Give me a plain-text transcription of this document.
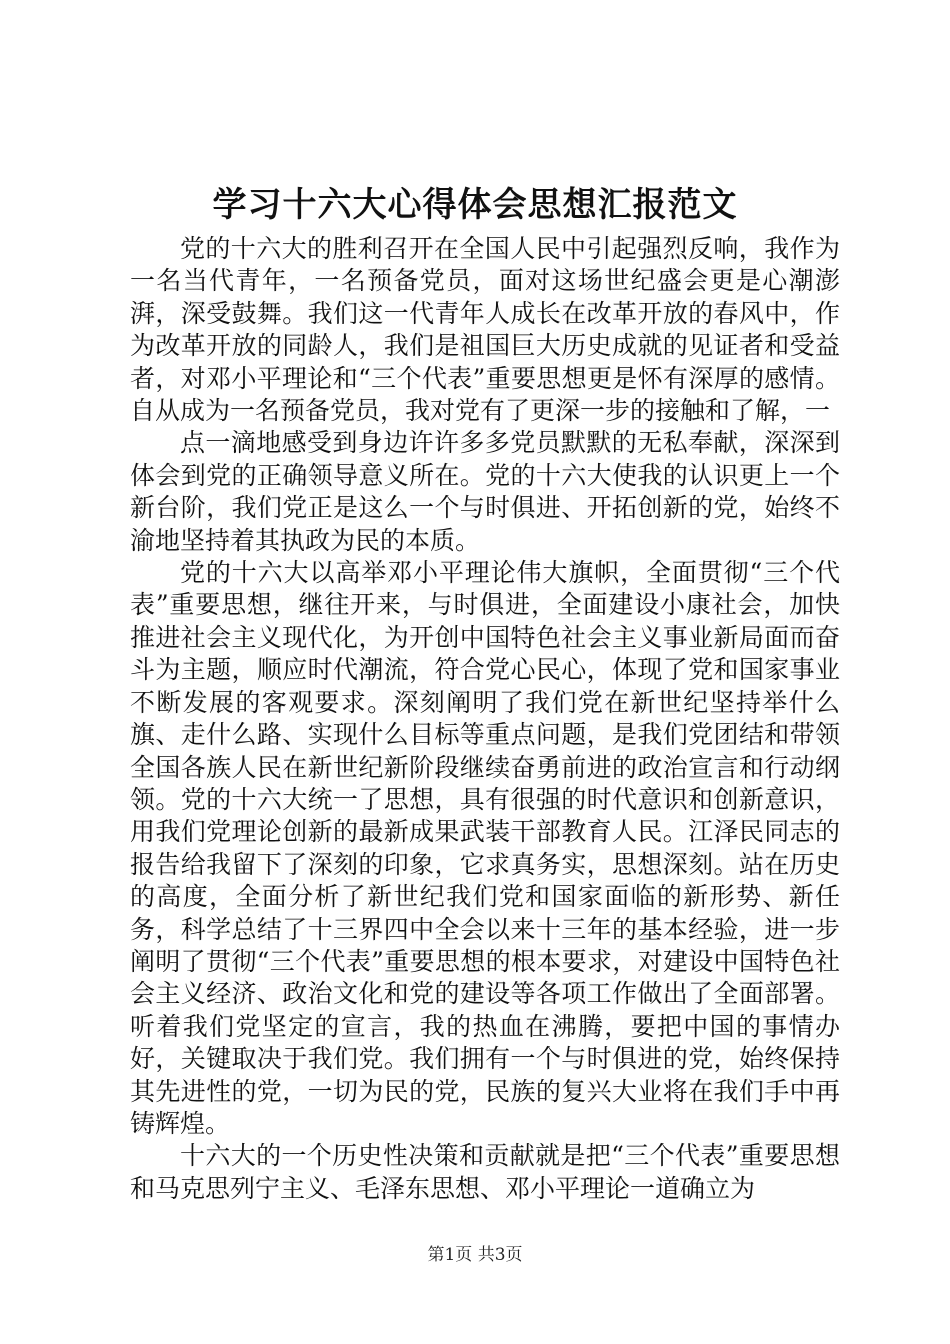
学习十六大心得体会思想汇报范文

党的十六大的胜利召开在全国人民中引起强烈反响，我作为一名当代青年，一名预备党员，面对这场世纪盛会更是心潮澎湃，深受鼓舞。我们这一代青年人成长在改革开放的春风中，作为改革开放的同龄人，我们是祖国巨大历史成就的见证者和受益者，对邓小平理论和“三个代表”重要思想更是怀有深厚的感情。自从成为一名预备党员，我对党有了更深一步的接触和了解，一

点一滴地感受到身边许许多多党员默默的无私奉献，深深到体会到党的正确领导意义所在。党的十六大使我的认识更上一个新台阶，我们党正是这么一个与时俱进、开拓创新的党，始终不渝地坚持着其执政为民的本质。

党的十六大以高举邓小平理论伟大旗帜，全面贯彻“三个代表”重要思想，继往开来，与时俱进，全面建设小康社会，加快推进社会主义现代化，为开创中国特色社会主义事业新局面而奋斗为主题，顺应时代潮流，符合党心民心，体现了党和国家事业不断发展的客观要求。深刻阐明了我们党在新世纪坚持举什么旗、走什么路、实现什么目标等重点问题，是我们党团结和带领全国各族人民在新世纪新阶段继续奋勇前进的政治宣言和行动纲领。党的十六大统一了思想，具有很强的时代意识和创新意识，用我们党理论创新的最新成果武装干部教育人民。江泽民同志的报告给我留下了深刻的印象，它求真务实，思想深刻。站在历史的高度，全面分析了新世纪我们党和国家面临的新形势、新任务，科学总结了十三界四中全会以来十三年的基本经验，进一步阐明了贯彻“三个代表”重要思想的根本要求，对建设中国特色社会主义经济、政治文化和党的建设等各项工作做出了全面部署。听着我们党坚定的宣言，我的热血在沸腾，要把中国的事情办好，关键取决于我们党。我们拥有一个与时俱进的党，始终保持其先进性的党，一切为民的党，民族的复兴大业将在我们手中再铸辉煌。

十六大的一个历史性决策和贡献就是把“三个代表”重要思想和马克思列宁主义、毛泽东思想、邓小平理论一道确立为

第1页 共3页
